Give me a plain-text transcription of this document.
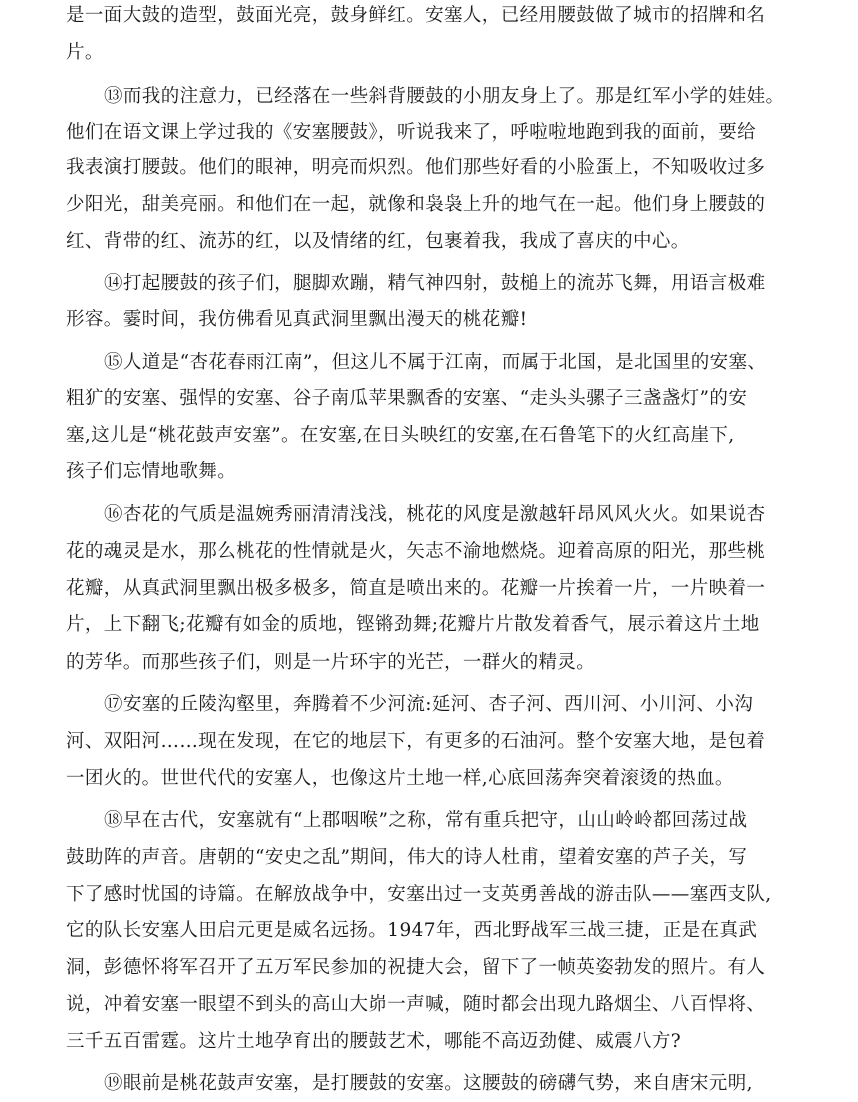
是一面大鼓的造型，鼓面光亮，鼓身鲜红。安塞人，已经用腰鼓做了城市的招牌和名
片。
⑬而我的注意力，已经落在一些斜背腰鼓的小朋友身上了。那是红军小学的娃娃。
他们在语文课上学过我的《安塞腰鼓》，听说我来了，呼啦啦地跑到我的面前，要给
我表演打腰鼓。他们的眼神，明亮而炽烈。他们那些好看的小脸蛋上，不知吸收过多
少阳光，甜美亮丽。和他们在一起，就像和袅袅上升的地气在一起。他们身上腰鼓的
红、背带的红、流苏的红，以及情绪的红，包裹着我，我成了喜庆的中心。
⑭打起腰鼓的孩子们，腿脚欢蹦，精气神四射，鼓槌上的流苏飞舞，用语言极难
形容。霎时间，我仿佛看见真武洞里飘出漫天的桃花瓣!
⑮人道是“杏花春雨江南”，但这儿不属于江南，而属于北国，是北国里的安塞、
粗犷的安塞、强悍的安塞、谷子南瓜苹果飘香的安塞、“走头头骡子三盏盏灯”的安
塞,这儿是“桃花鼓声安塞”。在安塞,在日头映红的安塞,在石鲁笔下的火红高崖下,
孩子们忘情地歌舞。
⑯杏花的气质是温婉秀丽清清浅浅，桃花的风度是激越轩昂风风火火。如果说杏
花的魂灵是水，那么桃花的性情就是火，矢志不渝地燃烧。迎着高原的阳光，那些桃
花瓣，从真武洞里飘出极多极多，简直是喷出来的。花瓣一片挨着一片，一片映着一
片，上下翻飞;花瓣有如金的质地，铿锵劲舞;花瓣片片散发着香气，展示着这片土地
的芳华。而那些孩子们，则是一片环宇的光芒，一群火的精灵。
⑰安塞的丘陵沟壑里，奔腾着不少河流:延河、杏子河、西川河、小川河、小沟
河、双阳河……现在发现，在它的地层下，有更多的石油河。整个安塞大地，是包着
一团火的。世世代代的安塞人，也像这片土地一样,心底回荡奔突着滚烫的热血。
⑱早在古代，安塞就有“上郡咽喉”之称，常有重兵把守，山山岭岭都回荡过战
鼓助阵的声音。唐朝的“安史之乱”期间，伟大的诗人杜甫，望着安塞的芦子关，写
下了感时忧国的诗篇。在解放战争中，安塞出过一支英勇善战的游击队——塞西支队,
它的队长安塞人田启元更是威名远扬。1947年，西北野战军三战三捷，正是在真武
洞，彭德怀将军召开了五万军民参加的祝捷大会，留下了一帧英姿勃发的照片。有人
说，冲着安塞一眼望不到头的高山大峁一声喊，随时都会出现九路烟尘、八百悍将、
三千五百雷霆。这片土地孕育出的腰鼓艺术，哪能不高迈劲健、威震八方?
⑲眼前是桃花鼓声安塞，是打腰鼓的安塞。这腰鼓的磅礴气势，来自唐宋元明,
